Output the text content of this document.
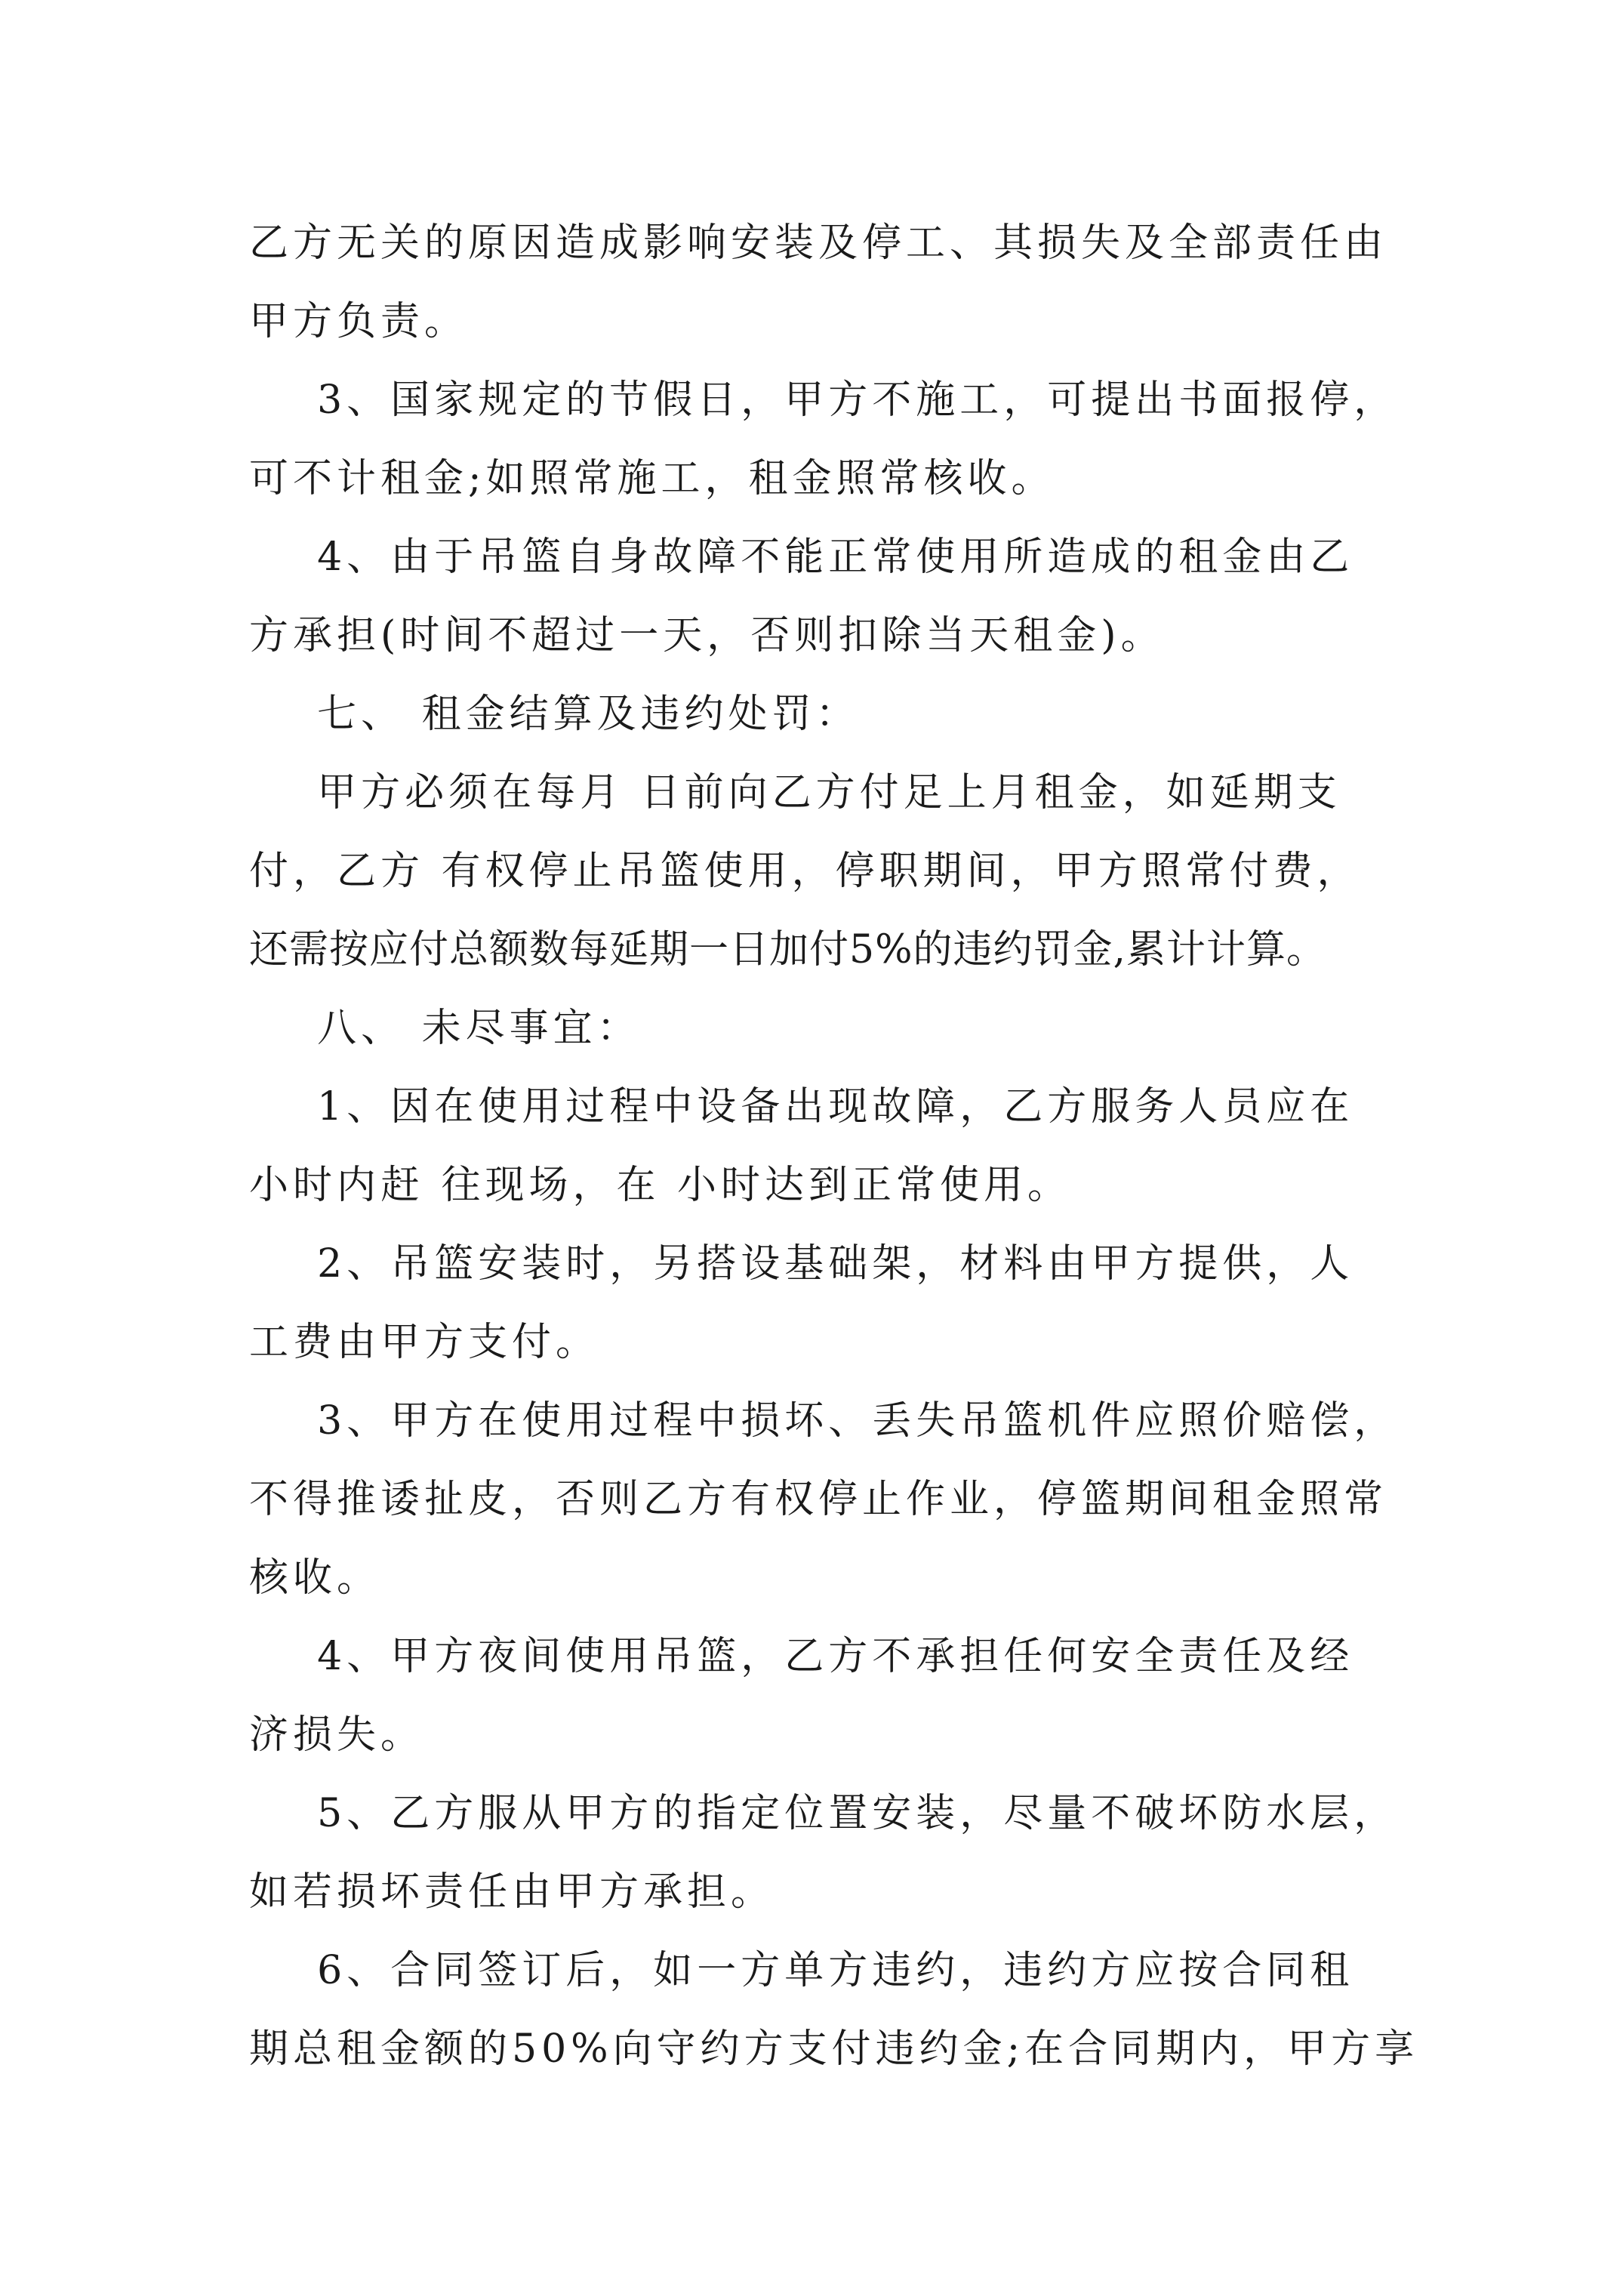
乙方无关的原因造成影响安装及停工、其损失及全部责任由
甲方负责。
3、国家规定的节假日，甲方不施工，可提出书面报停，
可不计租金;如照常施工，租金照常核收。
4、由于吊篮自身故障不能正常使用所造成的租金由乙
方承担(时间不超过一天，否则扣除当天租金)。
七、 租金结算及违约处罚：
甲方必须在每月 日前向乙方付足上月租金，如延期支
付，乙方 有权停止吊篮使用，停职期间，甲方照常付费，
还需按应付总额数每延期一日加付5%的违约罚金,累计计算。
八、 未尽事宜：
1、因在使用过程中设备出现故障，乙方服务人员应在
小时内赶 往现场，在 小时达到正常使用。
2、吊篮安装时，另搭设基础架，材料由甲方提供，人
工费由甲方支付。
3、甲方在使用过程中损坏、丢失吊篮机件应照价赔偿，
不得推诿扯皮，否则乙方有权停止作业，停篮期间租金照常
核收。
4、甲方夜间使用吊篮，乙方不承担任何安全责任及经
济损失。
5、乙方服从甲方的指定位置安装，尽量不破坏防水层，
如若损坏责任由甲方承担。
6、合同签订后，如一方单方违约，违约方应按合同租
期总租金额的50%向守约方支付违约金;在合同期内，甲方享
